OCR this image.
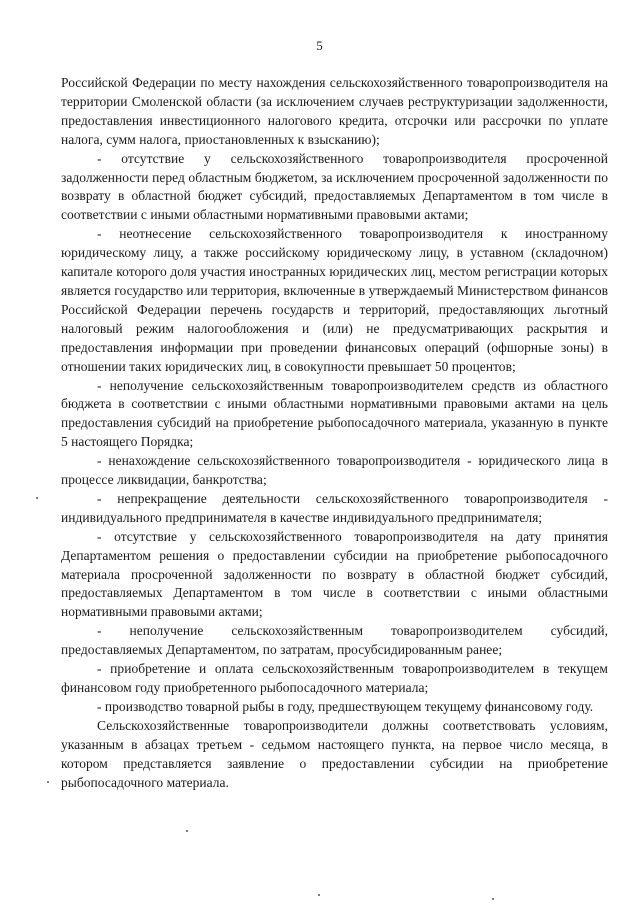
5

Российской Федерации по месту нахождения сельскохозяйственного товаропроизводителя на территории Смоленской области (за исключением случаев реструктуризации задолженности, предоставления инвестиционного налогового кредита, отсрочки или рассрочки по уплате налога, сумм налога, приостановленных к взысканию);

- отсутствие у сельскохозяйственного товаропроизводителя просроченной задолженности перед областным бюджетом, за исключением просроченной задолженности по возврату в областной бюджет субсидий, предоставляемых Департаментом в том числе в соответствии с иными областными нормативными правовыми актами;

- неотнесение сельскохозяйственного товаропроизводителя к иностранному юридическому лицу, а также российскому юридическому лицу, в уставном (складочном) капитале которого доля участия иностранных юридических лиц, местом регистрации которых является государство или территория, включенные в утверждаемый Министерством финансов Российской Федерации перечень государств и территорий, предоставляющих льготный налоговый режим налогообложения и (или) не предусматривающих раскрытия и предоставления информации при проведении финансовых операций (офшорные зоны) в отношении таких юридических лиц, в совокупности превышает 50 процентов;

- неполучение сельскохозяйственным товаропроизводителем средств из областного бюджета в соответствии с иными областными нормативными правовыми актами на цель предоставления субсидий на приобретение рыбопосадочного материала, указанную в пункте 5 настоящего Порядка;

- ненахождение сельскохозяйственного товаропроизводителя - юридического лица в процессе ликвидации, банкротства;

- непрекращение деятельности сельскохозяйственного товаропроизводителя - индивидуального предпринимателя в качестве индивидуального предпринимателя;

- отсутствие у сельскохозяйственного товаропроизводителя на дату принятия Департаментом решения о предоставлении субсидии на приобретение рыбопосадочного материала просроченной задолженности по возврату в областной бюджет субсидий, предоставляемых Департаментом в том числе в соответствии с иными областными нормативными правовыми актами;

- неполучение сельскохозяйственным товаропроизводителем субсидий, предоставляемых Департаментом, по затратам, просубсидированным ранее;

- приобретение и оплата сельскохозяйственным товаропроизводителем в текущем финансовом году приобретенного рыбопосадочного материала;

- производство товарной рыбы в году, предшествующем текущему финансовому году.

Сельскохозяйственные товаропроизводители должны соответствовать условиям, указанным в абзацах третьем - седьмом настоящего пункта, на первое число месяца, в котором представляется заявление о предоставлении субсидии на приобретение рыбопосадочного материала.
